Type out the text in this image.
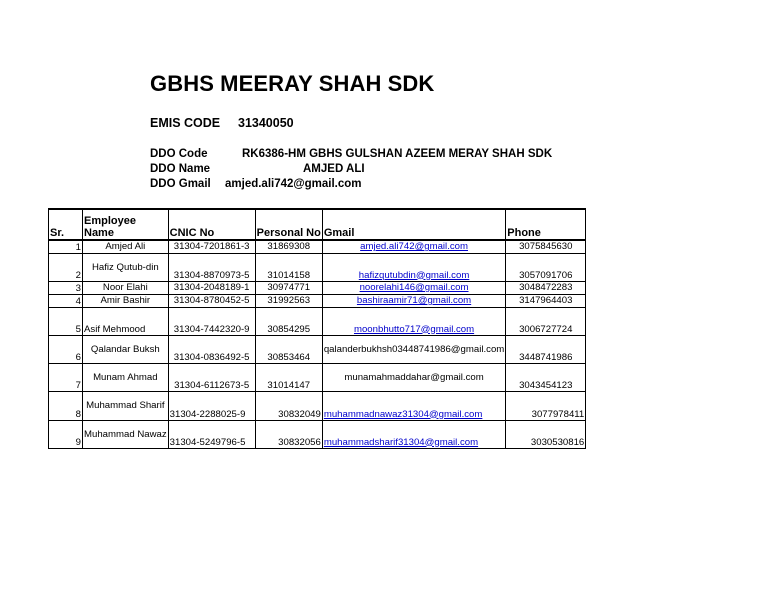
GBHS MEERAY SHAH SDK
EMIS CODE 31340050
DDO Code	RK6386-HM GBHS GULSHAN AZEEM MERAY SHAH SDK
DDO Name	AMJED ALI
DDO Gmail amjed.ali742@gmail.com
Sr.	Employee Name	CNIC No	Personal No	Gmail	Phone
1	Amjed Ali	31304-7201861-3	31869308	amjed.ali742@gmail.com	3075845630
2	Hafiz Qutub-din	31304-8870973-5	31014158	hafizqutubdin@gmail.com	3057091706
3	Noor Elahi	31304-2048189-1	30974771	noorelahi146@gmail.com	3048472283
4	Amir Bashir	31304-8780452-5	31992563	bashiraamir71@gmail.com	3147964403
5	Asif Mehmood	31304-7442320-9	30854295	moonbhutto717@gmail.com	3006727724
6	Qalandar Buksh	31304-0836492-5	30853464	qalanderbukhsh03448741986@gmail.com	3448741986
7	Munam Ahmad	31304-6112673-5	31014147	munamahmaddahar@gmail.com	3043454123
8	Muhammad Sharif	31304-2288025-9	30832049	muhammadnawaz31304@gmail.com	3077978411
9	Muhammad Nawaz	31304-5249796-5	30832056	muhammadsharif31304@gmail.com	3030530816
